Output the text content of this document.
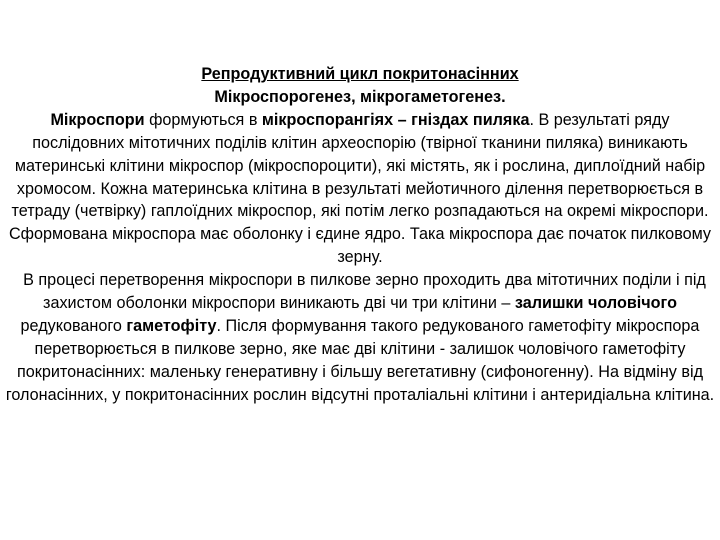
Репродуктивний цикл покритонасінних
Мікроспорогенез, мікрогаметогенез.
Мікроспори формуються в мікроспорангіях – гніздах пиляка. В результаті ряду послідовних мітотичних поділів клітин археоспорію (твірної тканини пиляка) виникають материнські клітини мікроспор (мікроспороцити), які містять, як і рослина, диплоїдний набір хромосом. Кожна материнська клітина в результаті мейотичного ділення перетворюється в тетраду (четвірку) гаплоїдних мікроспор, які потім легко розпадаються на окремі мікроспори. Сформована мікроспора має оболонку і єдине ядро. Така мікроспора дає початок пилковому зерну.
В процесі перетворення мікроспори в пилкове зерно проходить два мітотичних поділи і під захистом оболонки мікроспори виникають дві чи три клітини – залишки чоловічого редукованого гаметофіту. Після формування такого редукованого гаметофіту мікроспора перетворюється в пилкове зерно, яке має дві клітини - залишок чоловічого гаметофіту покритонасінних: маленьку генеративну і більшу вегетативну (сифоногенну). На відміну від голонасінних, у покритонасінних рослин відсутні проталіальні клітини і антеридіальна клітина.
